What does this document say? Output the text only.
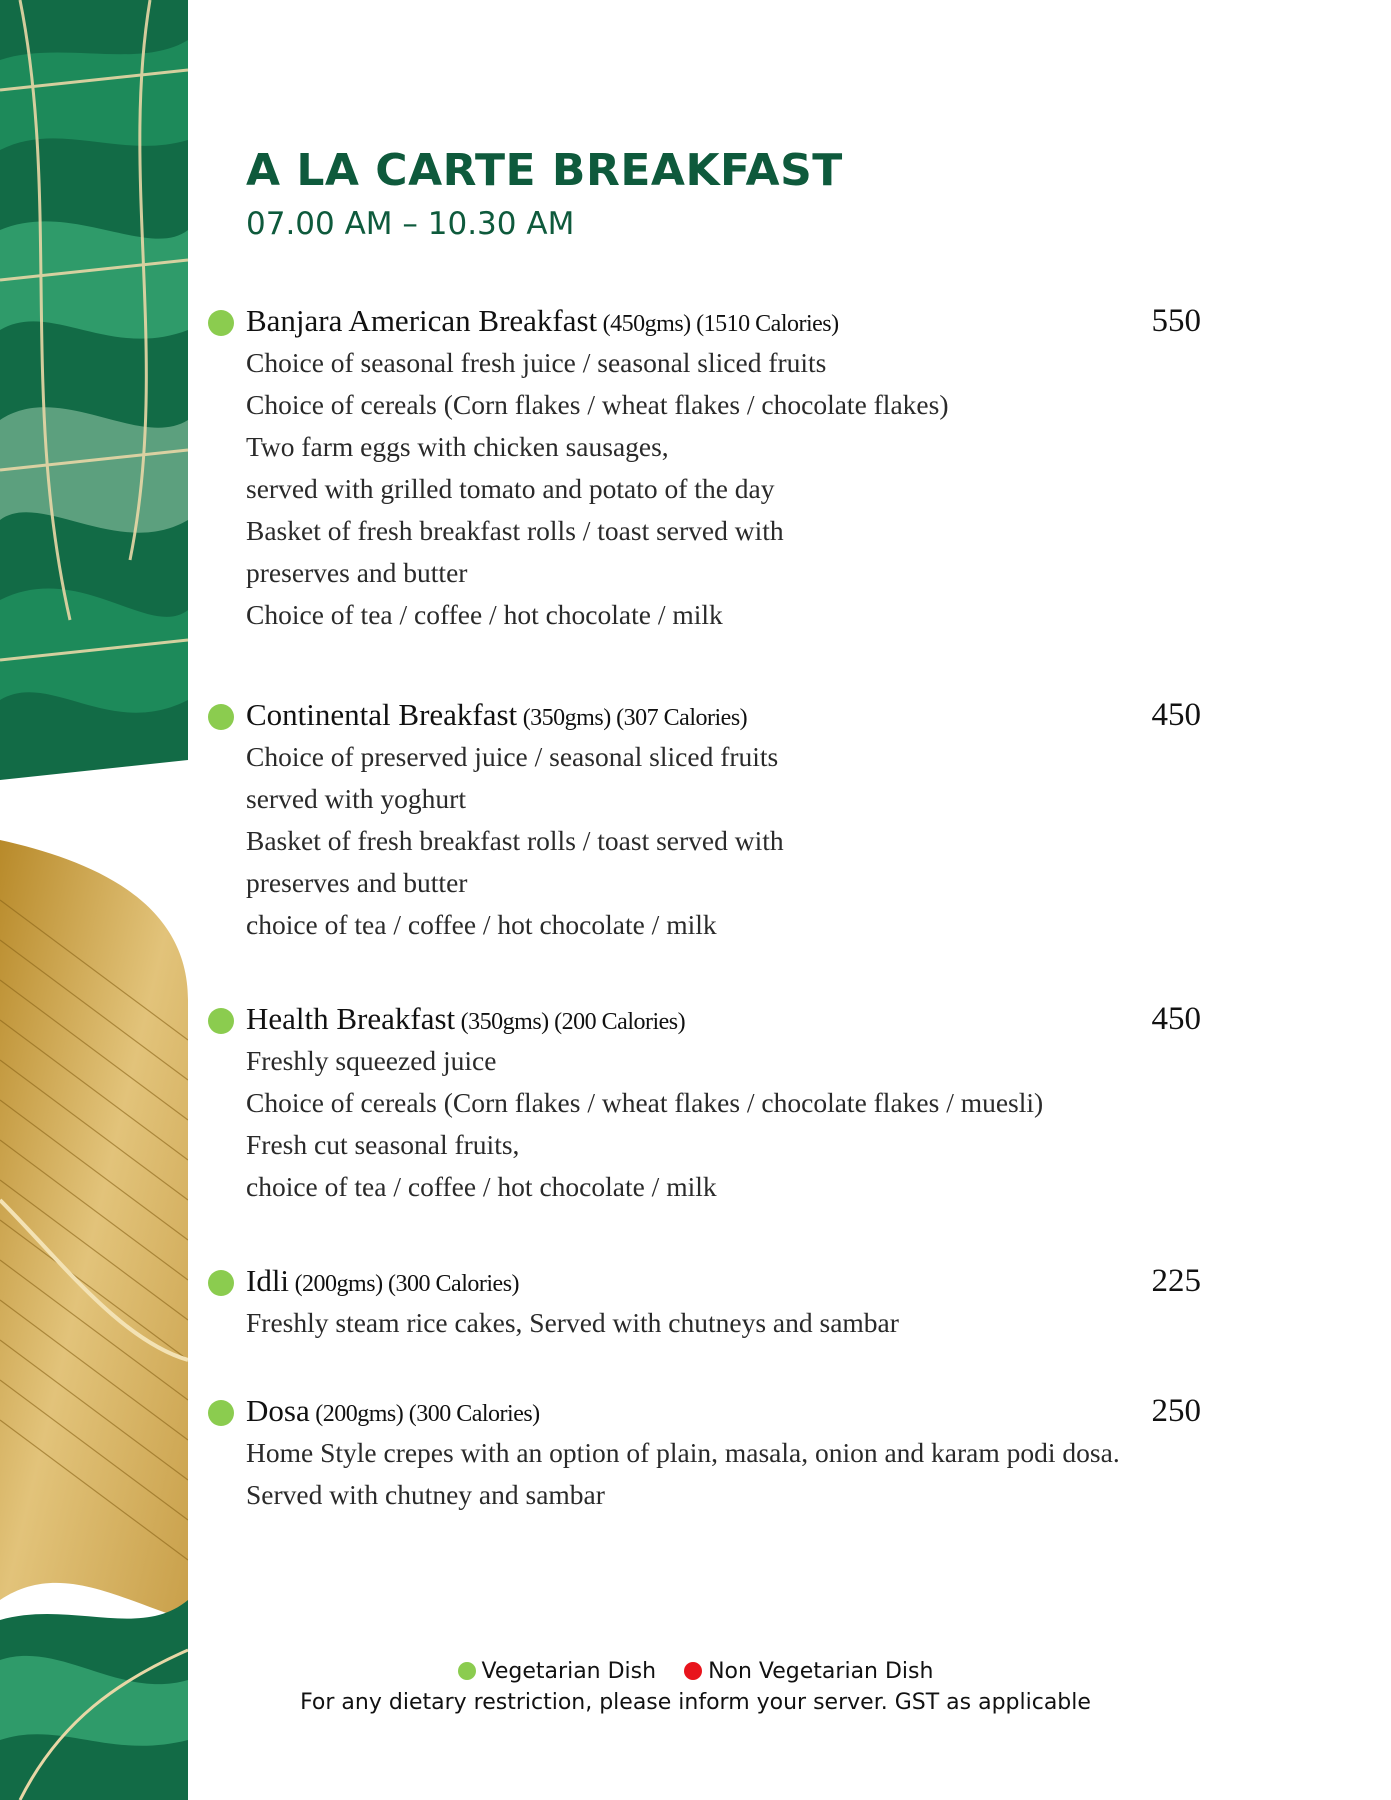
A LA CARTE BREAKFAST

07.00 AM – 10.30 AM

Banjara American Breakfast (450gms) (1510 Calories)	550
Choice of seasonal fresh juice / seasonal sliced fruits
Choice of cereals (Corn flakes / wheat flakes / chocolate flakes)
Two farm eggs with chicken sausages,
served with grilled tomato and potato of the day
Basket of fresh breakfast rolls / toast served with
preserves and butter
Choice of tea / coffee / hot chocolate / milk
Continental Breakfast (350gms) (307 Calories)	450
Choice of preserved juice / seasonal sliced fruits
served with yoghurt
Basket of fresh breakfast rolls / toast served with
preserves and butter
choice of tea / coffee / hot chocolate / milk
Health Breakfast (350gms) (200 Calories)	450
Freshly squeezed juice
Choice of cereals (Corn flakes / wheat flakes / chocolate flakes / muesli)
Fresh cut seasonal fruits,
choice of tea / coffee / hot chocolate / milk
Idli (200gms) (300 Calories)	225
Freshly steam rice cakes, Served with chutneys and sambar
Dosa (200gms) (300 Calories)	250
Home Style crepes with an option of plain, masala, onion and karam podi dosa.
Served with chutney and sambar
Vegetarian Dish Non Vegetarian Dish
For any dietary restriction, please inform your server. GST as applicable
